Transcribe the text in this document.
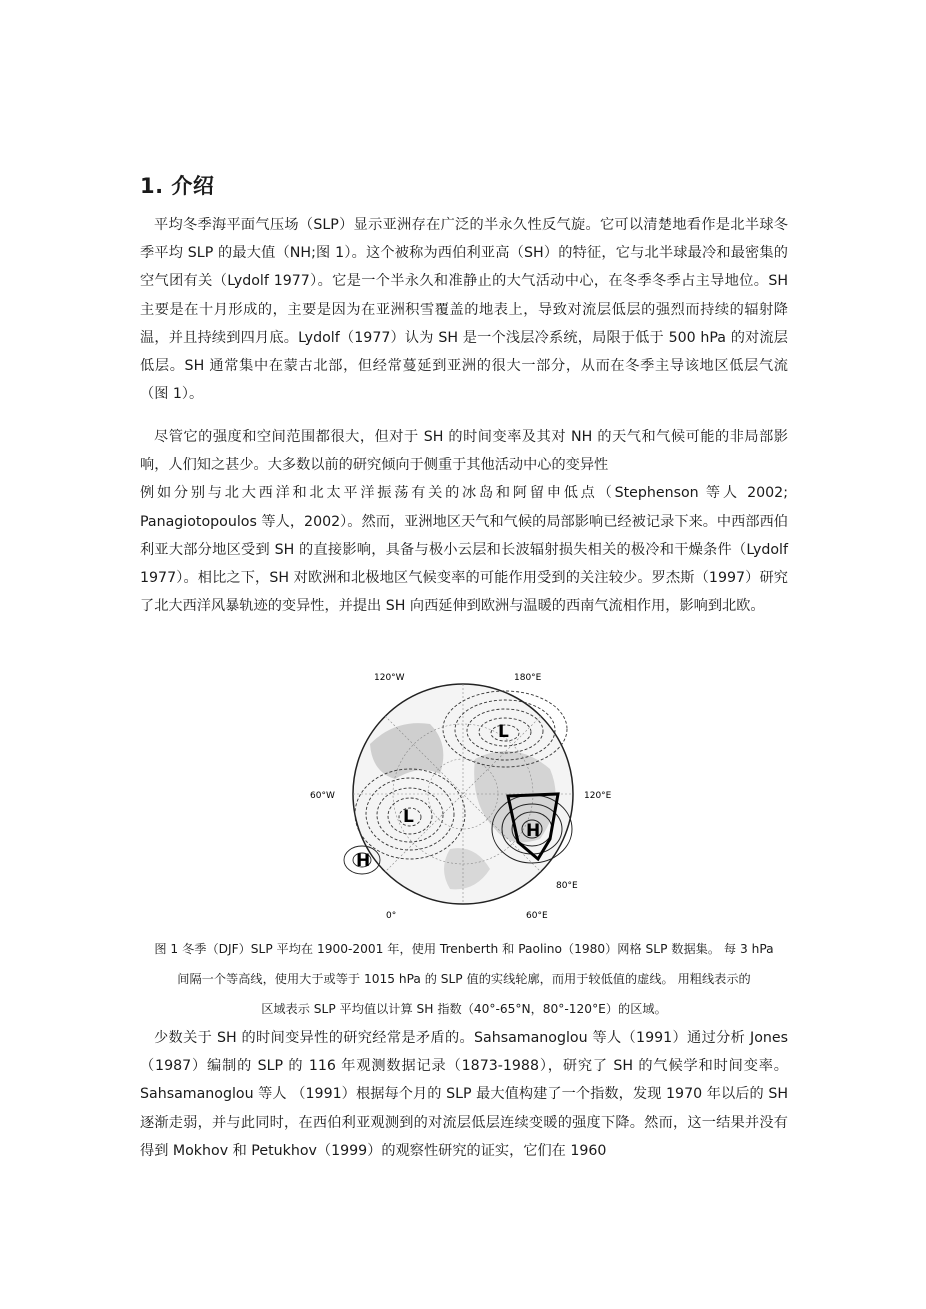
1. 介绍

平均冬季海平面气压场（SLP）显示亚洲存在广泛的半永久性反气旋。它可以清楚地看作是北半球冬季平均 SLP 的最大值（NH;图 1）。这个被称为西伯利亚高（SH）的特征，它与北半球最冷和最密集的空气团有关（Lydolf 1977）。它是一个半永久和准静止的大气活动中心，在冬季冬季占主导地位。SH 主要是在十月形成的，主要是因为在亚洲积雪覆盖的地表上，导致对流层低层的强烈而持续的辐射降温，并且持续到四月底。Lydolf（1977）认为 SH 是一个浅层冷系统，局限于低于 500 hPa 的对流层低层。SH 通常集中在蒙古北部，但经常蔓延到亚洲的很大一部分，从而在冬季主导该地区低层气流（图 1）。

尽管它的强度和空间范围都很大，但对于 SH 的时间变率及其对 NH 的天气和气候可能的非局部影响，人们知之甚少。大多数以前的研究倾向于侧重于其他活动中心的变异性
例如分别与北大西洋和北太平洋振荡有关的冰岛和阿留申低点（Stephenson 等人 2002; Panagiotopoulos 等人，2002）。然而，亚洲地区天气和气候的局部影响已经被记录下来。中西部西伯利亚大部分地区受到 SH 的直接影响，具备与极小云层和长波辐射损失相关的极冷和干燥条件（Lydolf 1977）。相比之下，SH 对欧洲和北极地区气候变率的可能作用受到的关注较少。罗杰斯（1997）研究了北大西洋风暴轨迹的变异性，并提出 SH 向西延伸到欧洲与温暖的西南气流相作用，影响到北欧。
L
L
H
H
120°W	180°E
60°W	120°E
0°	60°E
80°E
图 1 冬季（DJF）SLP 平均在 1900-2001 年，使用 Trenberth 和 Paolino（1980）网格 SLP 数据集。 每 3 hPa
间隔一个等高线，使用大于或等于 1015 hPa 的 SLP 值的实线轮廓，而用于较低值的虚线。 用粗线表示的
区域表示 SLP 平均值以计算 SH 指数（40°-65°N，80°-120°E）的区域。

少数关于 SH 的时间变异性的研究经常是矛盾的。Sahsamanoglou 等人（1991）通过分析 Jones（1987）编制的 SLP 的 116 年观测数据记录（1873-1988），研究了 SH 的气候学和时间变率。Sahsamanoglou 等人 （1991）根据每个月的 SLP 最大值构建了一个指数，发现 1970 年以后的 SH 逐渐走弱，并与此同时，在西伯利亚观测到的对流层低层连续变暖的强度下降。然而，这一结果并没有得到 Mokhov 和 Petukhov（1999）的观察性研究的证实，它们在 1960
